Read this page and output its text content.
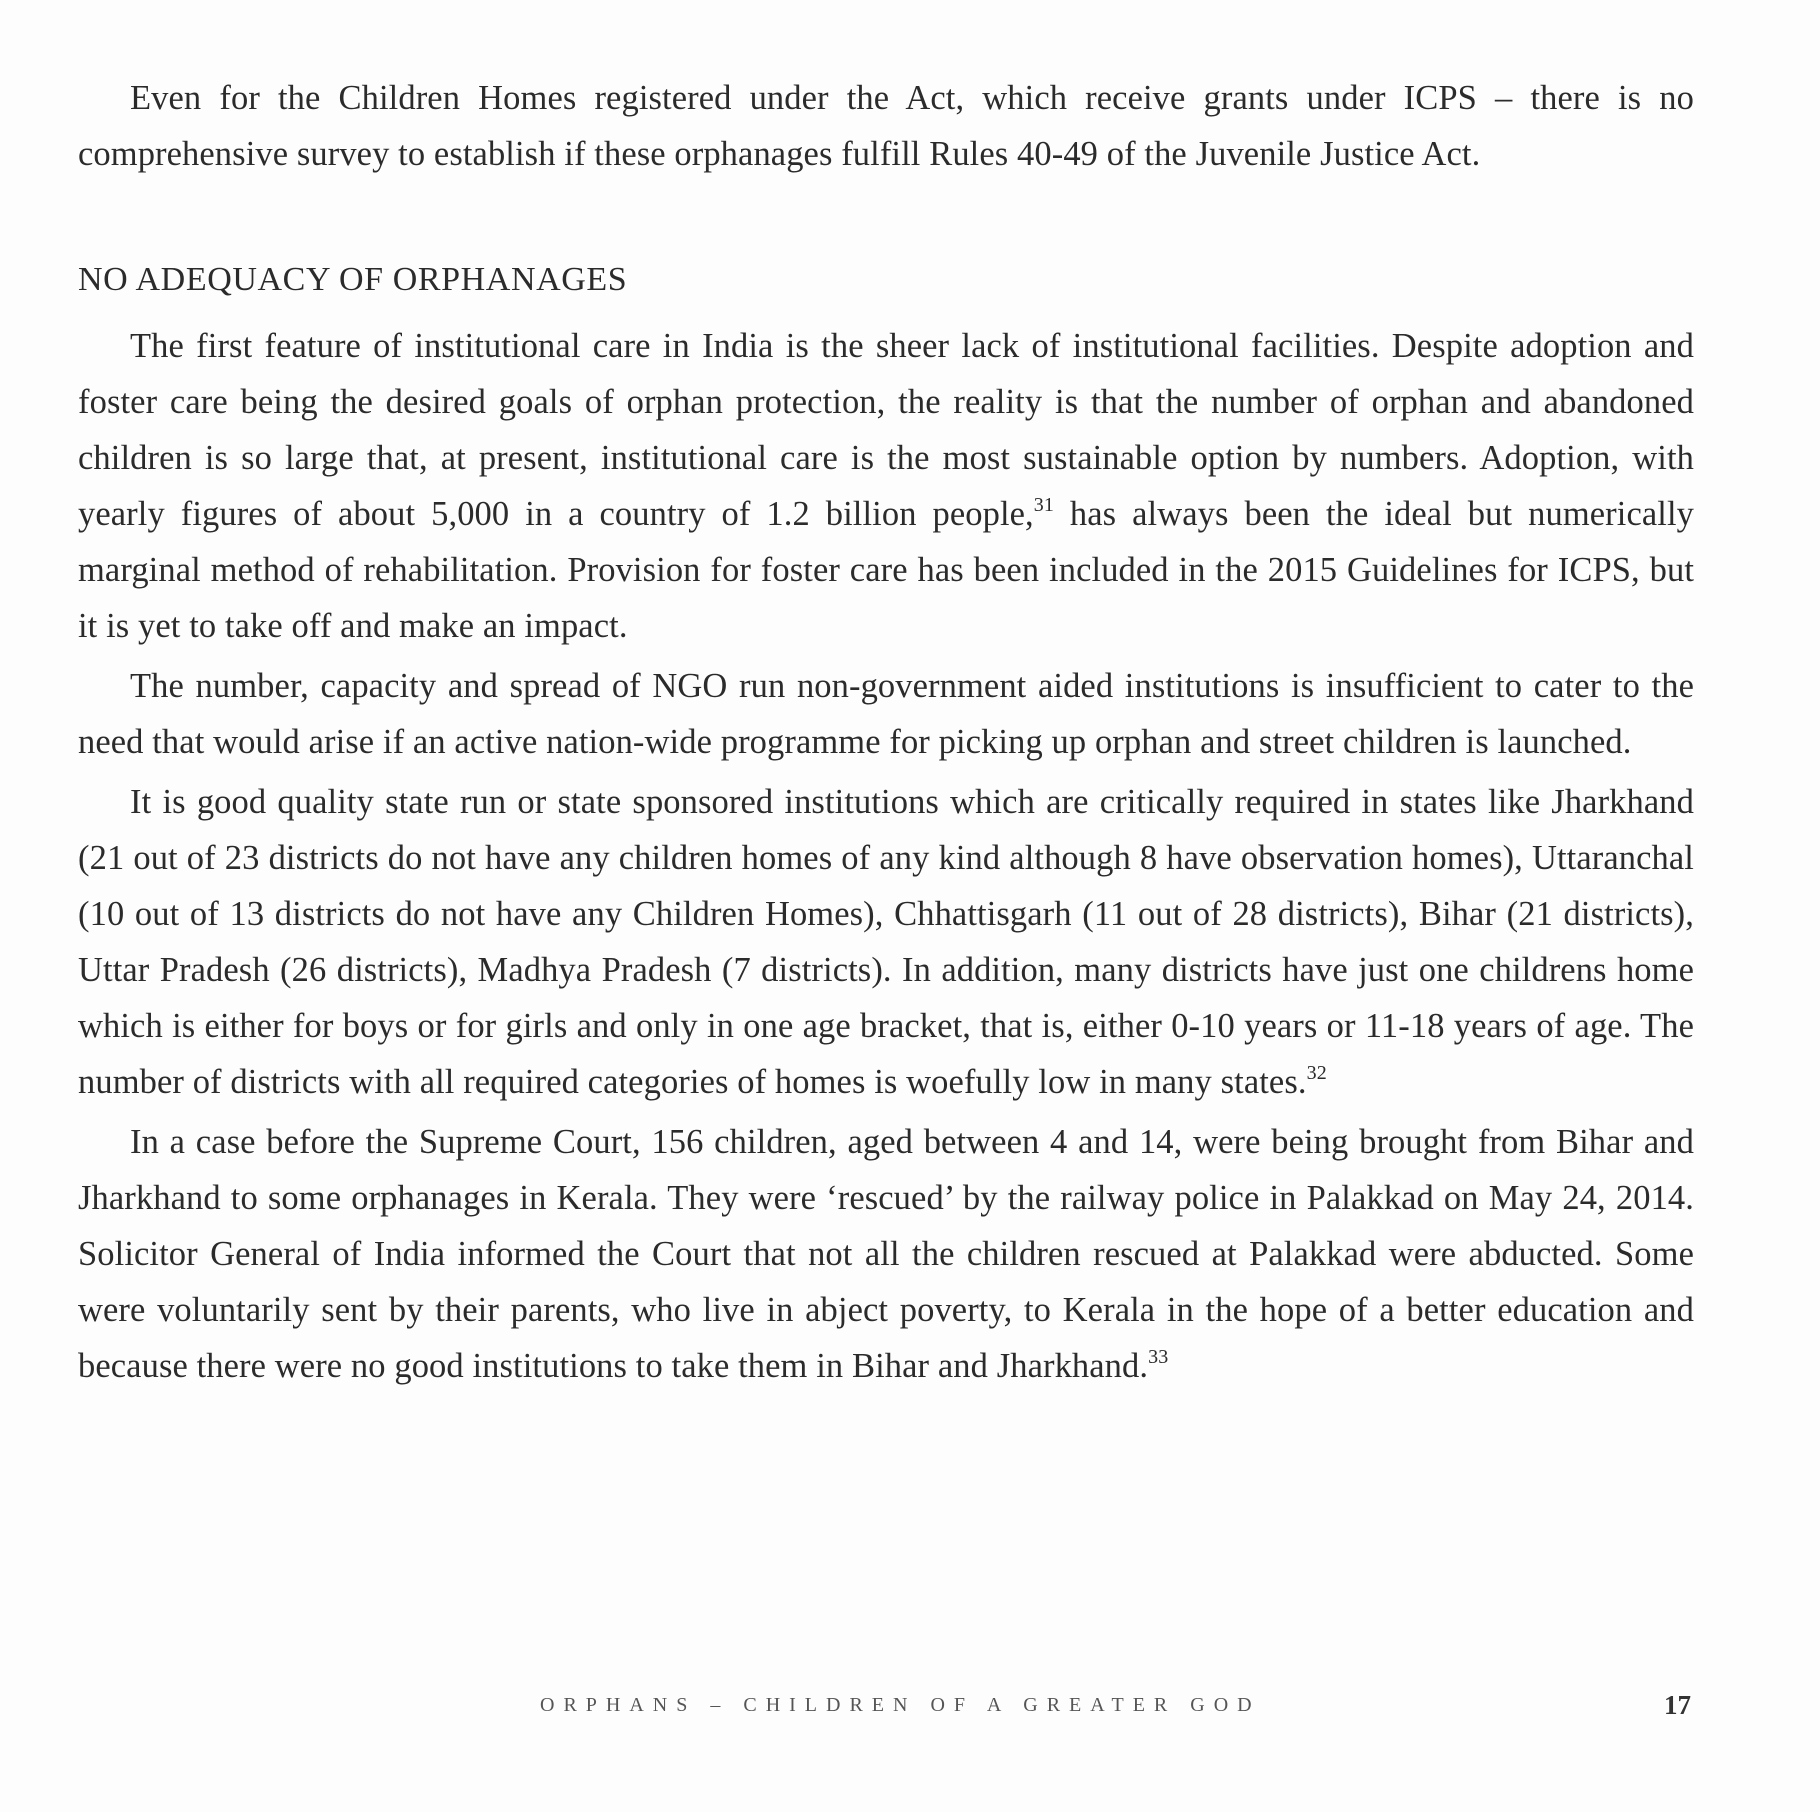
Even for the Children Homes registered under the Act, which receive grants under ICPS – there is no comprehensive survey to establish if these orphanages fulfill Rules 40-49 of the Juvenile Justice Act.

NO ADEQUACY OF ORPHANAGES

The first feature of institutional care in India is the sheer lack of institutional facilities. Despite adoption and foster care being the desired goals of orphan protection, the reality is that the number of orphan and abandoned children is so large that, at present, institutional care is the most sustainable option by numbers. Adoption, with yearly figures of about 5,000 in a country of 1.2 billion people,$^{31}$ has always been the ideal but numerically marginal method of rehabilitation. Provision for foster care has been included in the 2015 Guidelines for ICPS, but it is yet to take off and make an impact.

The number, capacity and spread of NGO run non-government aided institutions is insufficient to cater to the need that would arise if an active nation-wide programme for picking up orphan and street children is launched.

It is good quality state run or state sponsored institutions which are critically required in states like Jharkhand (21 out of 23 districts do not have any children homes of any kind although 8 have observation homes), Uttaranchal (10 out of 13 districts do not have any Children Homes), Chhattisgarh (11 out of 28 districts), Bihar (21 districts), Uttar Pradesh (26 districts), Madhya Pradesh (7 districts). In addition, many districts have just one childrens home which is either for boys or for girls and only in one age bracket, that is, either 0-10 years or 11-18 years of age. The number of districts with all required categories of homes is woefully low in many states.$^{32}$

In a case before the Supreme Court, 156 children, aged between 4 and 14, were being brought from Bihar and Jharkhand to some orphanages in Kerala. They were ‘rescued’ by the railway police in Palakkad on May 24, 2014. Solicitor General of India informed the Court that not all the children rescued at Palakkad were abducted. Some were voluntarily sent by their parents, who live in abject poverty, to Kerala in the hope of a better education and because there were no good institutions to take them in Bihar and Jharkhand.$^{33}$

ORPHANS – CHILDREN OF A GREATER GOD	17
